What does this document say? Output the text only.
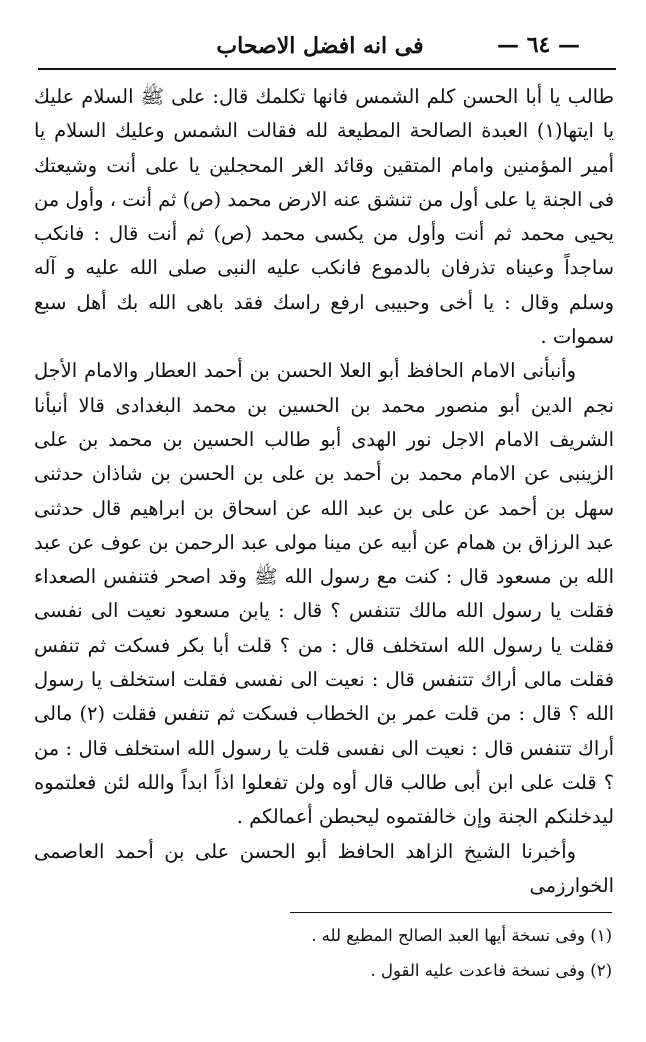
— ٦٤ —
فى انه افضل الاصحاب

طالب يا أبا الحسن كلم الشمس فانها تكلمك قال: على ﷺ السلام عليك يا ايتها(١) العبدة الصالحة المطيعة لله فقالت الشمس وعليك السلام يا أمير المؤمنين وامام المتقين وقائد الغر المحجلين يا على أنت وشيعتك فى الجنة يا على أول من تنشق عنه الارض محمد (ص) ثم أنت ، وأول من يحيى محمد ثم أنت وأول من يكسى محمد (ص) ثم أنت قال : فانكب ساجداً وعيناه تذرفان بالدموع فانكب عليه النبى صلى الله عليه و آله وسلم وقال : يا أخى وحبيبى ارفع راسك فقد باهى الله بك أهل سبع سموات .

وأنبأنى الامام الحافظ أبو العلا الحسن بن أحمد العطار والامام الأجل نجم الدين أبو منصور محمد بن الحسين بن محمد البغدادى قالا أنبأنا الشريف الامام الاجل نور الهدى أبو طالب الحسين بن محمد بن على الزينبى عن الامام محمد بن أحمد بن على بن الحسن بن شاذان حدثنى سهل بن أحمد عن على بن عبد الله عن اسحاق بن ابراهيم قال حدثنى عبد الرزاق بن همام عن أبيه عن مينا مولى عبد الرحمن بن عوف عن عبد الله بن مسعود قال : كنت مع رسول الله ﷺ وقد اصحر فتنفس الصعداء فقلت يا رسول الله مالك تتنفس ؟ قال : يابن مسعود نعيت الى نفسى فقلت يا رسول الله استخلف قال : من ؟ قلت أبا بكر فسكت ثم تنفس فقلت مالى أراك تتنفس قال : نعيت الى نفسى فقلت استخلف يا رسول الله ؟ قال : من قلت عمر بن الخطاب فسكت ثم تنفس فقلت (٢) مالى أراك تتنفس قال : نعيت الى نفسى قلت يا رسول الله استخلف قال : من ؟ قلت على ابن أبى طالب قال أوه ولن تفعلوا اذاً ابداً والله لئن فعلتموه ليدخلنكم الجنة وإن خالفتموه ليحبطن أعمالكم .

وأخبرنا الشيخ الزاهد الحافظ أبو الحسن على بن أحمد العاصمى الخوارزمى

(١) وفى نسخة أيها العبد الصالح المطيع لله .

(٢) وفى نسخة فاعدت عليه القول .
